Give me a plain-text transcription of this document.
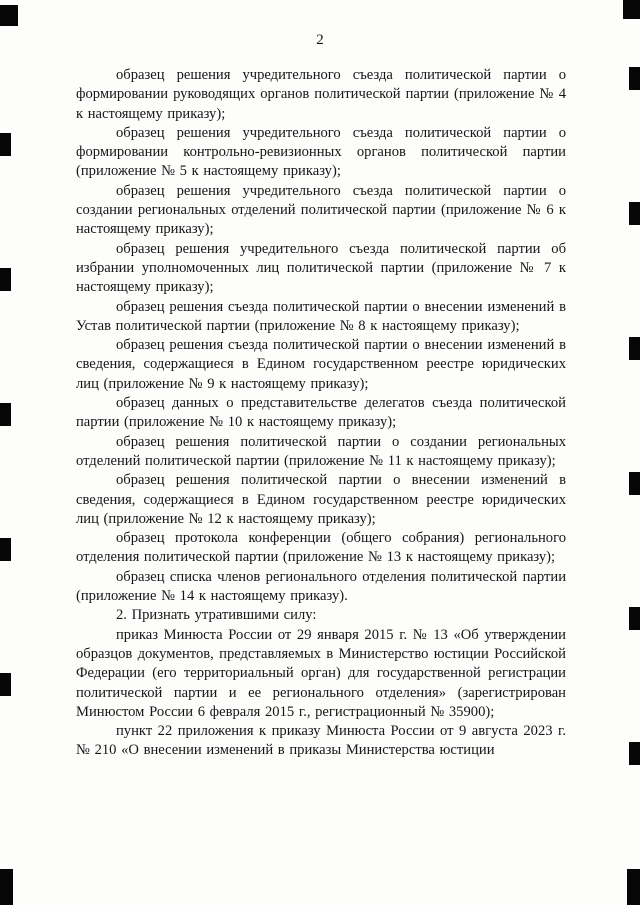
2

образец решения учредительного съезда политической партии о формировании руководящих органов политической партии (приложение № 4 к настоящему приказу);

образец решения учредительного съезда политической партии о формировании контрольно-ревизионных органов политической партии (приложение № 5 к настоящему приказу);

образец решения учредительного съезда политической партии о создании региональных отделений политической партии (приложение № 6 к настоящему приказу);

образец решения учредительного съезда политической партии об избрании уполномоченных лиц политической партии (приложение № 7 к настоящему приказу);

образец решения съезда политической партии о внесении изменений в Устав политической партии (приложение № 8 к настоящему приказу);

образец решения съезда политической партии о внесении изменений в сведения, содержащиеся в Едином государственном реестре юридических лиц (приложение № 9 к настоящему приказу);

образец данных о представительстве делегатов съезда политической партии (приложение № 10 к настоящему приказу);

образец решения политической партии о создании региональных отделений политической партии (приложение № 11 к настоящему приказу);

образец решения политической партии о внесении изменений в сведения, содержащиеся в Едином государственном реестре юридических лиц (приложение № 12 к настоящему приказу);

образец протокола конференции (общего собрания) регионального отделения политической партии (приложение № 13 к настоящему приказу);

образец списка членов регионального отделения политической партии (приложение № 14 к настоящему приказу).

2. Признать утратившими силу:

приказ Минюста России от 29 января 2015 г. № 13 «Об утверждении образцов документов, представляемых в Министерство юстиции Российской Федерации (его территориальный орган) для государственной регистрации политической партии и ее регионального отделения» (зарегистрирован Минюстом России 6 февраля 2015 г., регистрационный № 35900);

пункт 22 приложения к приказу Минюста России от 9 августа 2023 г. № 210 «О внесении изменений в приказы Министерства юстиции
